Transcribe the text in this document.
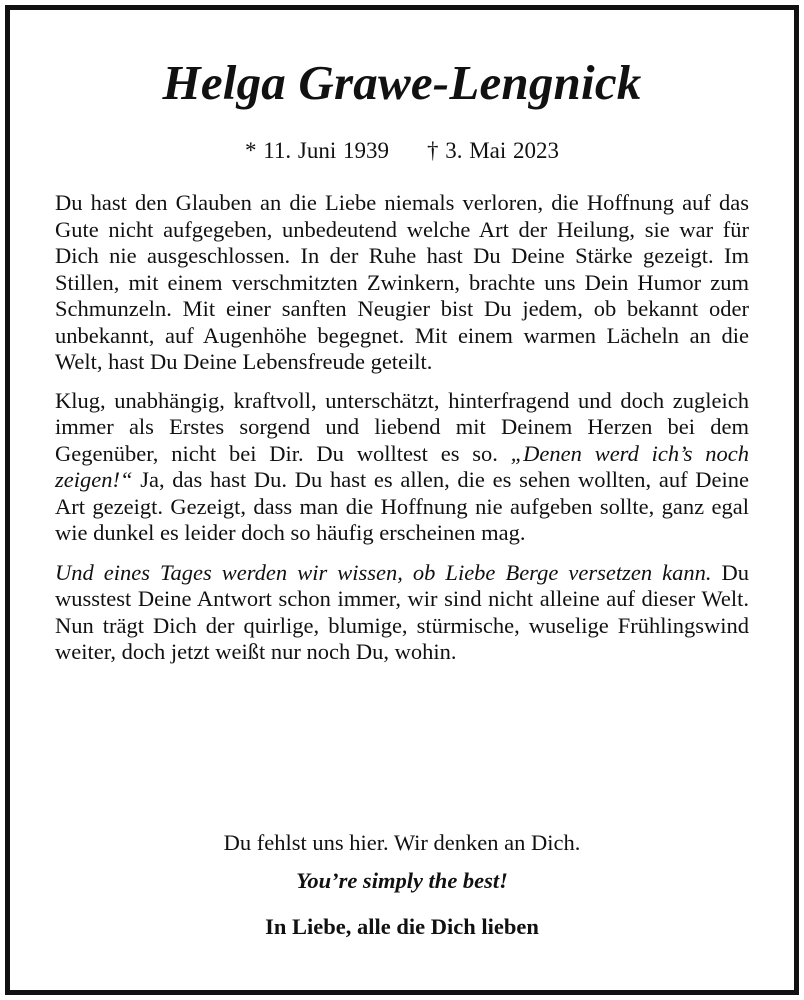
Helga Grawe-Lengnick
* 11. Juni 1939 † 3. Mai 2023

Du hast den Glauben an die Liebe niemals verloren, die Hoffnung auf das Gute nicht aufgegeben, unbedeutend welche Art der Heilung, sie war für Dich nie ausgeschlossen. In der Ruhe hast Du Deine Stärke gezeigt. Im Stillen, mit einem verschmitzten Zwinkern, brachte uns Dein Humor zum Schmunzeln. Mit einer sanften Neugier bist Du jedem, ob bekannt oder unbekannt, auf Augenhöhe begegnet. Mit einem warmen Lächeln an die Welt, hast Du Deine Lebensfreude geteilt.

Klug, unabhängig, kraftvoll, unterschätzt, hinterfragend und doch zugleich immer als Erstes sorgend und liebend mit Deinem Herzen bei dem Gegenüber, nicht bei Dir. Du wolltest es so. „Denen werd ich’s noch zeigen!“ Ja, das hast Du. Du hast es allen, die es sehen wollten, auf Deine Art gezeigt. Gezeigt, dass man die Hoffnung nie aufgeben sollte, ganz egal wie dunkel es leider doch so häufig erscheinen mag.

Und eines Tages werden wir wissen, ob Liebe Berge versetzen kann. Du wusstest Deine Antwort schon immer, wir sind nicht alleine auf dieser Welt. Nun trägt Dich der quirlige, blumige, stürmische, wuselige Frühlingswind weiter, doch jetzt weißt nur noch Du, wohin.

Du fehlst uns hier. Wir denken an Dich.
You’re simply the best!
In Liebe, alle die Dich lieben
